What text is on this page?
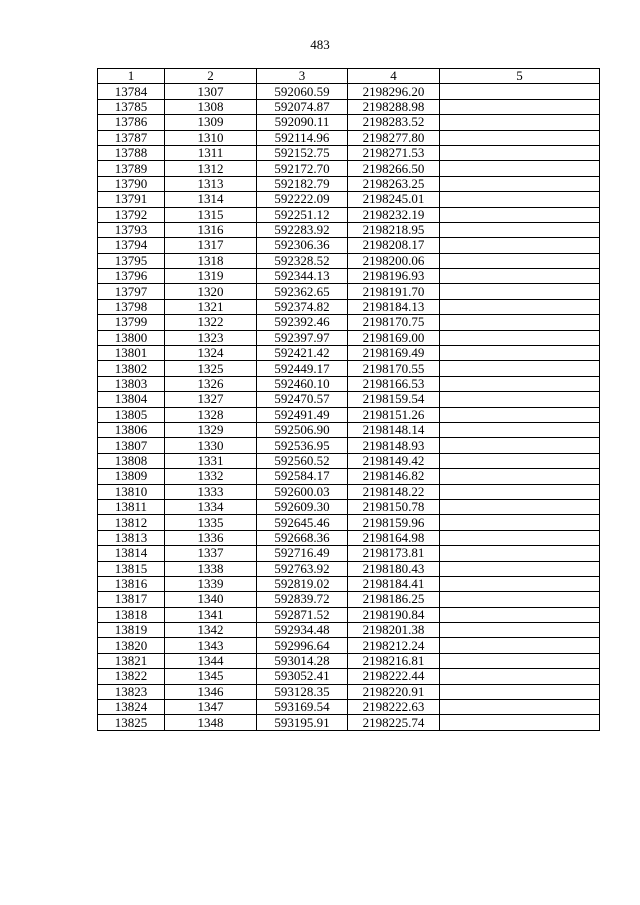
483
1	2	3	4	5
13784	1307	592060.59	2198296.20	
13785	1308	592074.87	2198288.98	
13786	1309	592090.11	2198283.52	
13787	1310	592114.96	2198277.80	
13788	1311	592152.75	2198271.53	
13789	1312	592172.70	2198266.50	
13790	1313	592182.79	2198263.25	
13791	1314	592222.09	2198245.01	
13792	1315	592251.12	2198232.19	
13793	1316	592283.92	2198218.95	
13794	1317	592306.36	2198208.17	
13795	1318	592328.52	2198200.06	
13796	1319	592344.13	2198196.93	
13797	1320	592362.65	2198191.70	
13798	1321	592374.82	2198184.13	
13799	1322	592392.46	2198170.75	
13800	1323	592397.97	2198169.00	
13801	1324	592421.42	2198169.49	
13802	1325	592449.17	2198170.55	
13803	1326	592460.10	2198166.53	
13804	1327	592470.57	2198159.54	
13805	1328	592491.49	2198151.26	
13806	1329	592506.90	2198148.14	
13807	1330	592536.95	2198148.93	
13808	1331	592560.52	2198149.42	
13809	1332	592584.17	2198146.82	
13810	1333	592600.03	2198148.22	
13811	1334	592609.30	2198150.78	
13812	1335	592645.46	2198159.96	
13813	1336	592668.36	2198164.98	
13814	1337	592716.49	2198173.81	
13815	1338	592763.92	2198180.43	
13816	1339	592819.02	2198184.41	
13817	1340	592839.72	2198186.25	
13818	1341	592871.52	2198190.84	
13819	1342	592934.48	2198201.38	
13820	1343	592996.64	2198212.24	
13821	1344	593014.28	2198216.81	
13822	1345	593052.41	2198222.44	
13823	1346	593128.35	2198220.91	
13824	1347	593169.54	2198222.63	
13825	1348	593195.91	2198225.74	
